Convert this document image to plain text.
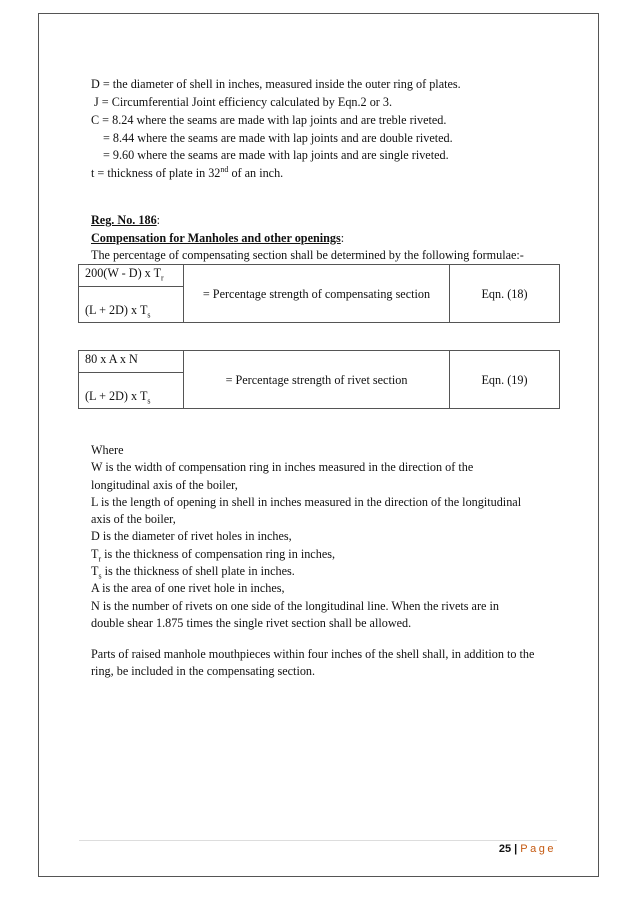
D = the diameter of shell in inches, measured inside the outer ring of plates.
J = Circumferential Joint efficiency calculated by Eqn.2 or 3.
C = 8.24 where the seams are made with lap joints and are treble riveted.
= 8.44 where the seams are made with lap joints and are double riveted.
= 9.60 where the seams are made with lap joints and are single riveted.
t = thickness of plate in 32nd of an inch.
Reg. No. 186:
Compensation for Manholes and other openings:
The percentage of compensating section shall be determined by the following formulae:-
200(W - D) x $T_r$	= Percentage strength of compensating section	Eqn. (18)
(L + 2D) x $T_s$
80 x A x N	= Percentage strength of rivet section	Eqn. (19)
(L + 2D) x $T_s$
Where
W is the width of compensation ring in inches measured in the direction of the
longitudinal axis of the boiler,
L is the length of opening in shell in inches measured in the direction of the longitudinal
axis of the boiler,
D is the diameter of rivet holes in inches,
$T_r$ is the thickness of compensation ring in inches,
$T_s$ is the thickness of shell plate in inches.
A is the area of one rivet hole in inches,
N is the number of rivets on one side of the longitudinal line. When the rivets are in
double shear 1.875 times the single rivet section shall be allowed.
Parts of raised manhole mouthpieces within four inches of the shell shall, in addition to the
ring, be included in the compensating section.
25 | Page
